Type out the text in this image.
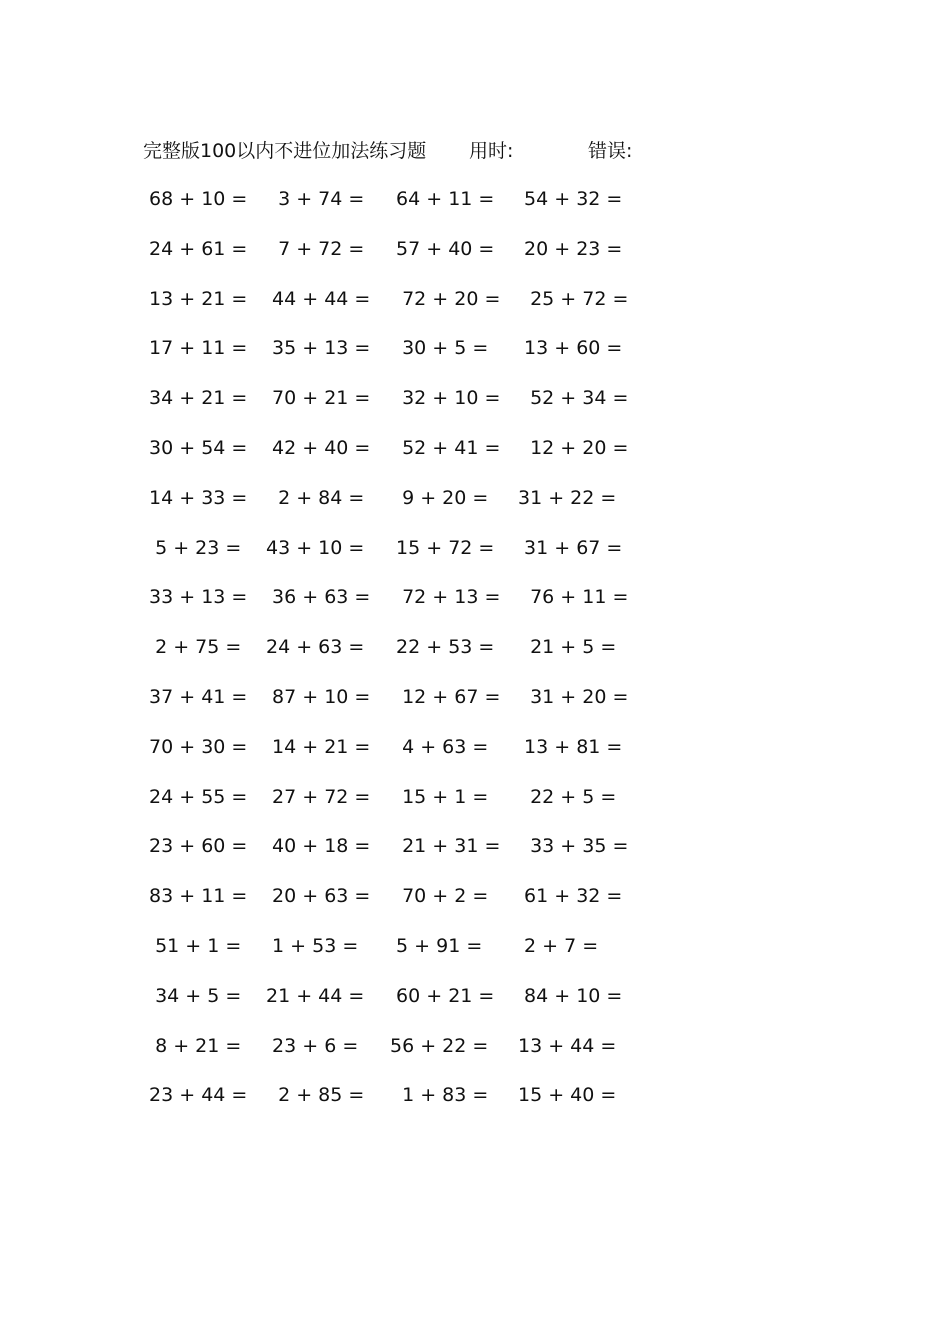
完整版100以内不进位加法练习题 用时:	错误:
68 + 10 = 3 + 74 = 64 + 11 = 54 + 32 =
24 + 61 = 7 + 72 = 57 + 40 = 20 + 23 =
13 + 21 = 44 + 44 = 72 + 20 = 25 + 72 =
17 + 11 = 35 + 13 = 30 + 5 = 13 + 60 =
34 + 21 = 70 + 21 = 32 + 10 = 52 + 34 =
30 + 54 = 42 + 40 = 52 + 41 = 12 + 20 =
14 + 33 = 2 + 84 = 9 + 20 = 31 + 22 =
5 + 23 = 43 + 10 = 15 + 72 = 31 + 67 =
33 + 13 = 36 + 63 = 72 + 13 = 76 + 11 =
2 + 75 = 24 + 63 = 22 + 53 = 21 + 5 =
37 + 41 = 87 + 10 = 12 + 67 = 31 + 20 =
70 + 30 = 14 + 21 = 4 + 63 = 13 + 81 =
24 + 55 = 27 + 72 = 15 + 1 = 22 + 5 =
23 + 60 = 40 + 18 = 21 + 31 = 33 + 35 =
83 + 11 = 20 + 63 = 70 + 2 = 61 + 32 =
51 + 1 = 1 + 53 = 5 + 91 = 2 + 7 =
34 + 5 = 21 + 44 = 60 + 21 = 84 + 10 =
8 + 21 = 23 + 6 = 56 + 22 = 13 + 44 =
23 + 44 = 2 + 85 = 1 + 83 = 15 + 40 =
